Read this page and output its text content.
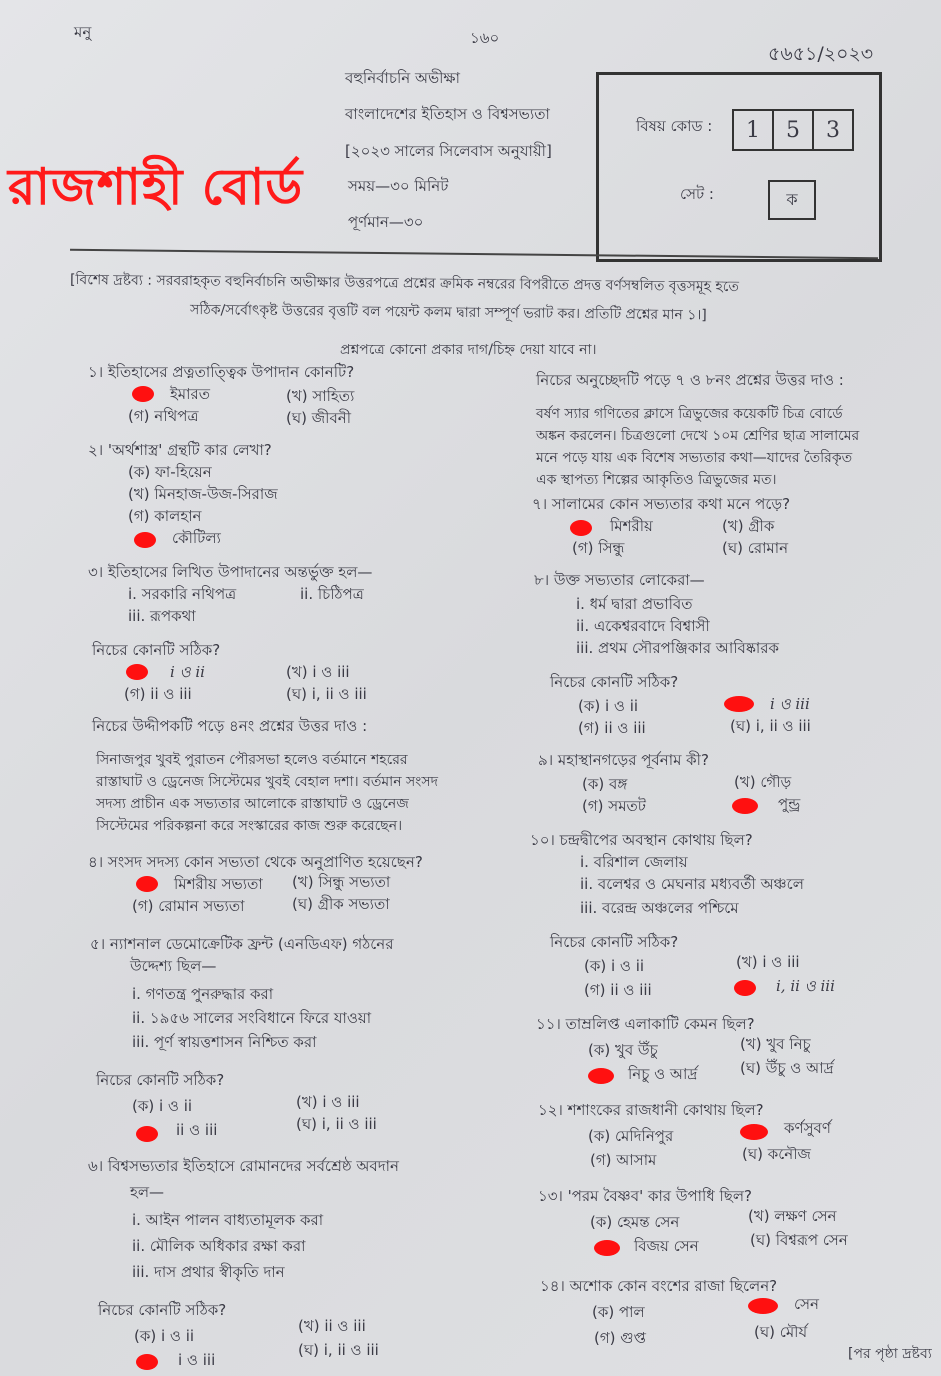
মনু	১৬০
৫৬৫১/২০২৩
বহুনির্বাচনি অভীক্ষা
বাংলাদেশের ইতিহাস ও বিশ্বসভ্যতা
[২০২৩ সালের সিলেবাস অনুযায়ী]
সময়—৩০ মিনিট
পূর্ণমান—৩০
রাজশাহী বোর্ড
বিষয় কোড :	1	5	3
সেট :	ক
[বিশেষ দ্রষ্টব্য : সরবরাহকৃত বহুনির্বাচনি অভীক্ষার উত্তরপত্রে প্রশ্নের ক্রমিক নম্বরের বিপরীতে প্রদত্ত বর্ণসম্বলিত বৃত্তসমূহ হতে
সঠিক/সর্বোৎকৃষ্ট উত্তরের বৃত্তটি বল পয়েন্ট কলম দ্বারা সম্পূর্ণ ভরাট কর। প্রতিটি প্রশ্নের মান ১।]
প্রশ্নপত্রে কোনো প্রকার দাগ/চিহ্ন দেয়া যাবে না।
১। ইতিহাসের প্রত্নতাত্ত্বিক উপাদান কোনটি?
ইমারত	(খ) সাহিত্য
(গ) নথিপত্র	(ঘ) জীবনী
২। 'অর্থশাস্ত্র' গ্রন্থটি কার লেখা?
(ক) ফা-হিয়েন
(খ) মিনহাজ-উজ-সিরাজ
(গ) কালহান
কৌটিল্য
৩। ইতিহাসের লিখিত উপাদানের অন্তর্ভুক্ত হল—
i. সরকারি নথিপত্র	ii. চিঠিপত্র
iii. রূপকথা
নিচের কোনটি সঠিক?
i ও ii	(খ) i ও iii
(গ) ii ও iii	(ঘ) i, ii ও iii
নিচের উদ্দীপকটি পড়ে ৪নং প্রশ্নের উত্তর দাও :
সিনাজপুর খুবই পুরাতন পৌরসভা হলেও বর্তমানে শহরের
রাস্তাঘাট ও ড্রেনেজ সিস্টেমের খুবই বেহাল দশা। বর্তমান সংসদ
সদস্য প্রাচীন এক সভ্যতার আলোকে রাস্তাঘাট ও ড্রেনেজ
সিস্টেমের পরিকল্পনা করে সংস্কারের কাজ শুরু করেছেন।
৪। সংসদ সদস্য কোন সভ্যতা থেকে অনুপ্রাণিত হয়েছেন?
মিশরীয় সভ্যতা (খ) সিন্ধু সভ্যতা
(গ) রোমান সভ্যতা	(ঘ) গ্রীক সভ্যতা
৫। ন্যাশনাল ডেমোক্রেটিক ফ্রন্ট (এনডিএফ) গঠনের
উদ্দেশ্য ছিল—
i. গণতন্ত্র পুনরুদ্ধার করা
ii. ১৯৫৬ সালের সংবিধানে ফিরে যাওয়া
iii. পূর্ণ স্বায়ত্তশাসন নিশ্চিত করা
নিচের কোনটি সঠিক?
(ক) i ও ii	(খ) i ও iii
ii ও iii	(ঘ) i, ii ও iii
৬। বিশ্বসভ্যতার ইতিহাসে রোমানদের সর্বশ্রেষ্ঠ অবদান
হল—
i. আইন পালন বাধ্যতামূলক করা
ii. মৌলিক অধিকার রক্ষা করা
iii. দাস প্রথার স্বীকৃতি দান
নিচের কোনটি সঠিক?
(ক) i ও ii
(খ) ii ও iii
i ও iii
(ঘ) i, ii ও iii
নিচের অনুচ্ছেদটি পড়ে ৭ ও ৮নং প্রশ্নের উত্তর দাও :
বর্ষণ স্যার গণিতের ক্লাসে ত্রিভুজের কয়েকটি চিত্র বোর্ডে
অঙ্কন করলেন। চিত্রগুলো দেখে ১০ম শ্রেণির ছাত্র সালামের
মনে পড়ে যায় এক বিশেষ সভ্যতার কথা—যাদের তৈরিকৃত
এক স্থাপত্য শিল্পের আকৃতিও ত্রিভুজের মত।
৭। সালামের কোন সভ্যতার কথা মনে পড়ে?
মিশরীয়	(খ) গ্রীক
(গ) সিন্ধু	(ঘ) রোমান
৮। উক্ত সভ্যতার লোকেরা—
i. ধর্ম দ্বারা প্রভাবিত
ii. একেশ্বরবাদে বিশ্বাসী
iii. প্রথম সৌরপঞ্জিকার আবিষ্কারক
নিচের কোনটি সঠিক?
(ক) i ও ii	i ও iii
(গ) ii ও iii	(ঘ) i, ii ও iii
৯। মহাস্থানগড়ের পূর্বনাম কী?
(ক) বঙ্গ	(খ) গৌড়
(গ) সমতট	পুন্ড্র
১০। চন্দ্রদ্বীপের অবস্থান কোথায় ছিল?
i. বরিশাল জেলায়
ii. বলেশ্বর ও মেঘনার মধ্যবর্তী অঞ্চলে
iii. বরেন্দ্র অঞ্চলের পশ্চিমে
নিচের কোনটি সঠিক?
(ক) i ও ii	(খ) i ও iii
(গ) ii ও iii	i, ii ও iii
১১। তাম্রলিপ্ত এলাকাটি কেমন ছিল?
(ক) খুব উঁচু	(খ) খুব নিচু
নিচু ও আর্দ্র	(ঘ) উঁচু ও আর্দ্র
১২। শশাংকের রাজধানী কোথায় ছিল?
(ক) মেদিনিপুর	কর্ণসুবর্ণ
(গ) আসাম	(ঘ) কনৌজ
১৩। 'পরম বৈষ্ণব' কার উপাধি ছিল?
(ক) হেমন্ত সেন	(খ) লক্ষণ সেন
বিজয় সেন	(ঘ) বিশ্বরূপ সেন
১৪। অশোক কোন বংশের রাজা ছিলেন?
(ক) পাল	সেন
(গ) গুপ্ত	(ঘ) মৌর্য
[পর পৃষ্ঠা দ্রষ্টব্য
